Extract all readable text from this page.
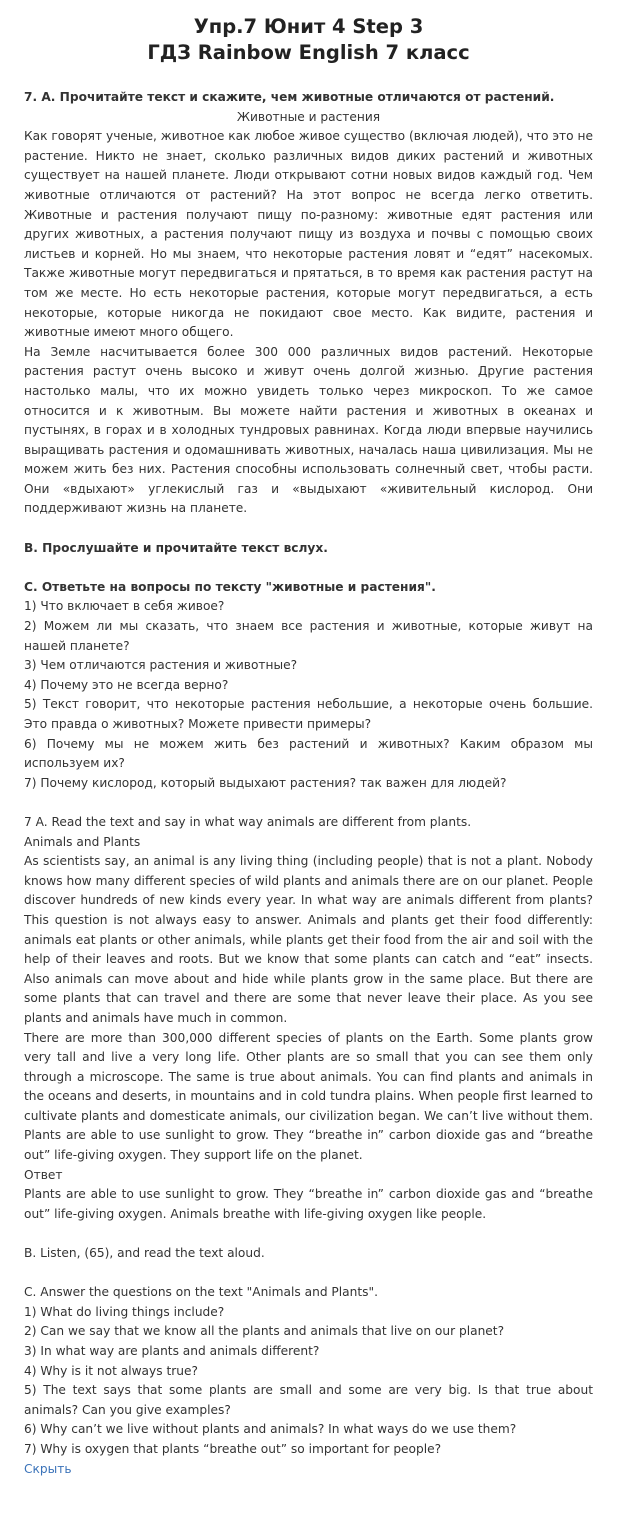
Упр.7 Юнит 4 Step 3
ГДЗ Rainbow English 7 класс

7. А. Прочитайте текст и скажите, чем животные отличаются от растений.

Животные и растения

Как говорят ученые, животное как любое живое существо (включая людей), что это не растение. Никто не знает, сколько различных видов диких растений и животных существует на нашей планете. Люди открывают сотни новых видов каждый год. Чем животные отличаются от растений? На этот вопрос не всегда легко ответить. Животные и растения получают пищу по-разному: животные едят растения или других животных, а растения получают пищу из воздуха и почвы с помощью своих листьев и корней. Но мы знаем, что некоторые растения ловят и “едят” насекомых. Также животные могут передвигаться и прятаться, в то время как растения растут на том же месте. Но есть некоторые растения, которые могут передвигаться, а есть некоторые, которые никогда не покидают свое место. Как видите, растения и животные имеют много общего.

На Земле насчитывается более 300 000 различных видов растений. Некоторые растения растут очень высоко и живут очень долгой жизнью. Другие растения настолько малы, что их можно увидеть только через микроскоп. То же самое относится и к животным. Вы можете найти растения и животных в океанах и пустынях, в горах и в холодных тундровых равнинах. Когда люди впервые научились выращивать растения и одомашнивать животных, началась наша цивилизация. Мы не можем жить без них. Растения способны использовать солнечный свет, чтобы расти. Они «вдыхают» углекислый газ и «выдыхают «живительный кислород. Они поддерживают жизнь на планете.

В. Прослушайте и прочитайте текст вслух.

С. Ответьте на вопросы по тексту "животные и растения".

1) Что включает в себя живое?

2) Можем ли мы сказать, что знаем все растения и животные, которые живут на нашей планете?

3) Чем отличаются растения и животные?

4) Почему это не всегда верно?

5) Текст говорит, что некоторые растения небольшие, а некоторые очень большие. Это правда о животных? Можете привести примеры?

6) Почему мы не можем жить без растений и животных? Каким образом мы используем их?

7) Почему кислород, который выдыхают растения? так важен для людей?

7 A. Read the text and say in what way animals are different from plants.

Animals and Plants

As scientists say, an animal is any living thing (including people) that is not a plant. Nobody knows how many different species of wild plants and animals there are on our planet. People discover hundreds of new kinds every year. In what way are animals different from plants? This question is not always easy to answer. Animals and plants get their food differently: animals eat plants or other animals, while plants get their food from the air and soil with the help of their leaves and roots. But we know that some plants can catch and “eat” insects. Also animals can move about and hide while plants grow in the same place. But there are some plants that can travel and there are some that never leave their place. As you see plants and animals have much in common.

There are more than 300,000 different species of plants on the Earth. Some plants grow very tall and live a very long life. Other plants are so small that you can see them only through a microscope. The same is true about animals. You can find plants and animals in the oceans and deserts, in mountains and in cold tundra plains. When people first learned to cultivate plants and domesticate animals, our civilization began. We can’t live without them. Plants are able to use sunlight to grow. They “breathe in” carbon dioxide gas and “breathe out” life-giving oxygen. They support life on the planet.

Ответ

Plants are able to use sunlight to grow. They “breathe in” carbon dioxide gas and “breathe out” life-giving oxygen. Animals breathe with life-giving oxygen like people.

B. Listen, (65), and read the text aloud.

C. Answer the questions on the text "Animals and Plants".

1) What do living things include?

2) Can we say that we know all the plants and animals that live on our planet?

3) In what way are plants and animals different?

4) Why is it not always true?

5) The text says that some plants are small and some are very big. Is that true about animals? Can you give examples?

6) Why can’t we live without plants and animals? In what ways do we use them?

7) Why is oxygen that plants “breathe out” so important for people?

Скрыть
